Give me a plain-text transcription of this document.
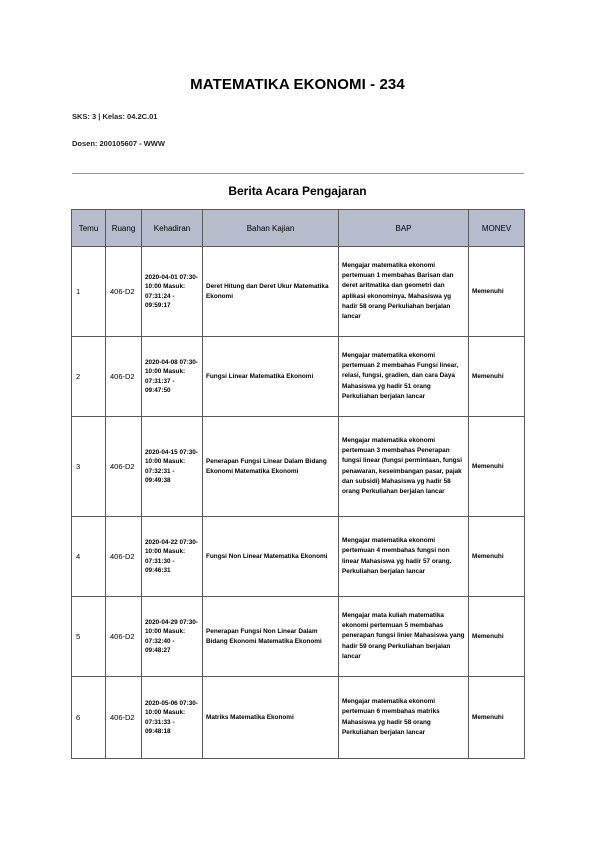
MATEMATIKA EKONOMI - 234
SKS: 3 | Kelas: 04.2C.01
Dosen: 200105607 - WWW
Berita Acara Pengajaran
Temu	Ruang	Kehadiran	Bahan Kajian	BAP	MONEV
1	406-D2	2020-04-01 07:30-10:00 Masuk: 07:31:24 - 09:59:17	Deret Hitung dan Deret Ukur Matematika Ekonomi	Mengajar matematika ekonomi pertemuan 1 membahas Barisan dan deret aritmatika dan geometri dan aplikasi ekonominya. Mahasiswa yg hadir 58 orang Perkuliahan berjalan lancar	Memenuhi
2	406-D2	2020-04-08 07:30-10:00 Masuk: 07:31:37 - 09:47:50	Fungsi Linear Matematika Ekonomi	Mengajar matematika ekonomi pertemuan 2 membahas Fungsi linear, relasi, fungsi, gradien, dan cara Daya Mahasiswa yg hadir 51 orang Perkuliahan berjalan lancar	Memenuhi
3	406-D2	2020-04-15 07:30-10:00 Masuk: 07:32:31 - 09:49:38	Penerapan Fungsi Linear Dalam Bidang Ekonomi Matematika Ekonomi	Mengajar matematika ekonomi pertemuan 3 membahas Penerapan fungsi linear (fungsi permintaan, fungsi penawaran, keseimbangan pasar, pajak dan subsidi) Mahasiswa yg hadir 58 orang Perkuliahan berjalan lancar	Memenuhi
4	406-D2	2020-04-22 07:30-10:00 Masuk: 07:31:30 - 09:46:31	Fungsi Non Linear Matematika Ekonomi	Mengajar matematika ekonomi pertemuan 4 membahas fungsi non linear Mahasiswa yg hadir 57 orang. Perkuliahan berjalan lancar	Memenuhi
5	406-D2	2020-04-29 07:30-10:00 Masuk: 07:32:40 - 09:48:27	Penerapan Fungsi Non Linear Dalam Bidang Ekonomi Matematika Ekonomi	Mengajar mata kuliah matematika ekonomi pertemuan 5 membahas penerapan fungsi linier Mahasiswa yang hadir 59 orang Perkuliahan berjalan lancar	Memenuhi
6	406-D2	2020-05-06 07:30-10:00 Masuk: 07:31:33 - 09:48:18	Matriks Matematika Ekonomi	Mengajar matematika ekonomi pertemuan 6 membahas matriks Mahasiswa yg hadir 58 orang Perkuliahan berjalan lancar	Memenuhi
